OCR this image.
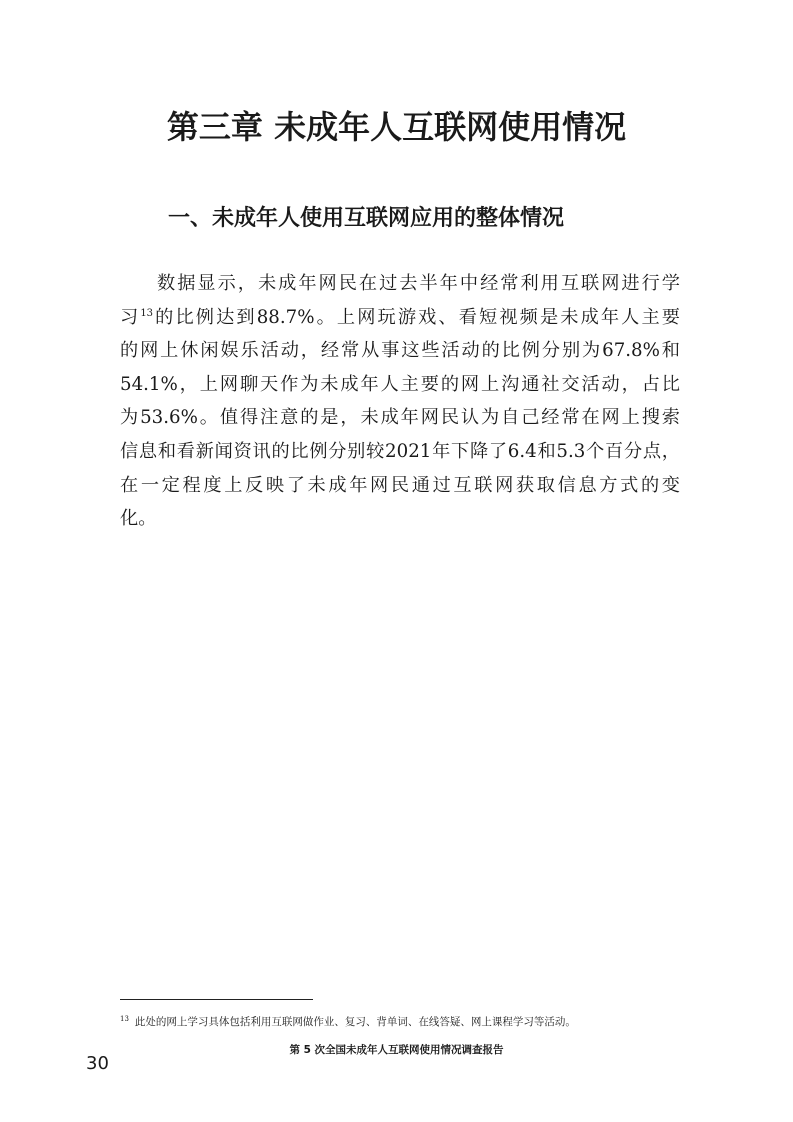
第三章 未成年人互联网使用情况
一、未成年人使用互联网应用的整体情况
数据显示，未成年网民在过去半年中经常利用互联网进行学
习$^{13}$的比例达到88.7%。上网玩游戏、看短视频是未成年人主要
的网上休闲娱乐活动，经常从事这些活动的比例分别为67.8%和
54.1%，上网聊天作为未成年人主要的网上沟通社交活动，占比
为53.6%。值得注意的是，未成年网民认为自己经常在网上搜索
信息和看新闻资讯的比例分别较2021年下降了6.4和5.3个百分点，
在一定程度上反映了未成年网民通过互联网获取信息方式的变
化。
$^{13}$ 此处的网上学习具体包括利用互联网做作业、复习、背单词、在线答疑、网上课程学习等活动。
第 5 次全国未成年人互联网使用情况调查报告
30
